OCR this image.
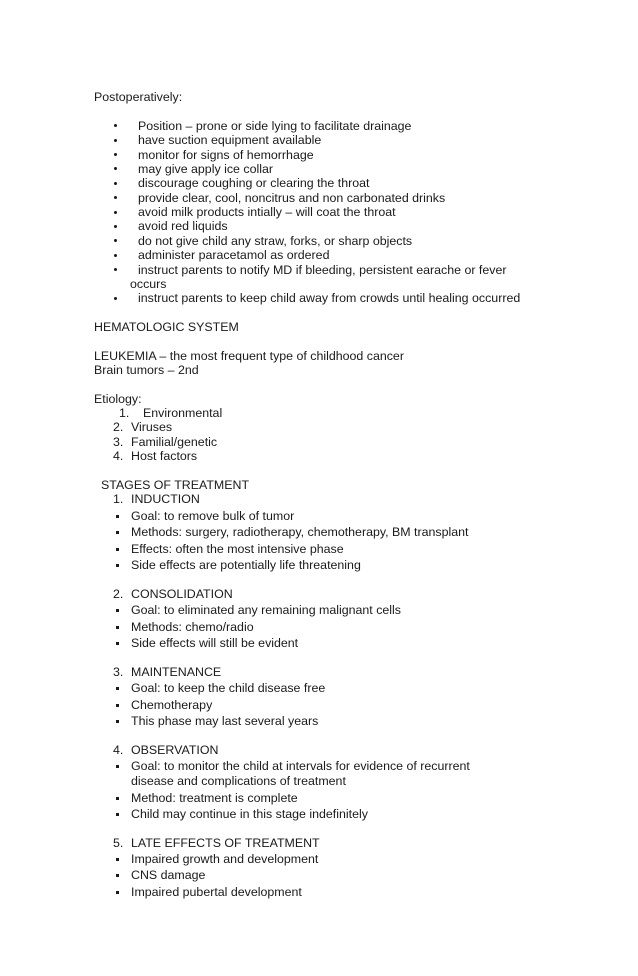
Postoperatively:
Position – prone or side lying to facilitate drainage
have suction equipment available
monitor for signs of hemorrhage
may give apply ice collar
discourage coughing or clearing the throat
provide clear, cool, noncitrus and non carbonated drinks
avoid milk products intially – will coat the throat
avoid red liquids
do not give child any straw, forks, or sharp objects
administer paracetamol as ordered
instruct parents to notify MD if bleeding, persistent earache or fever
occurs
instruct parents to keep child away from crowds until healing occurred
HEMATOLOGIC SYSTEM
LEUKEMIA – the most frequent type of childhood cancer
Brain tumors – 2nd
Etiology:
1. Environmental
2. Viruses
3. Familial/genetic
4. Host factors
STAGES OF TREATMENT
1. INDUCTION
Goal: to remove bulk of tumor
Methods: surgery, radiotherapy, chemotherapy, BM transplant
Effects: often the most intensive phase
Side effects are potentially life threatening
2. CONSOLIDATION
Goal: to eliminated any remaining malignant cells
Methods: chemo/radio
Side effects will still be evident
3. MAINTENANCE
Goal: to keep the child disease free
Chemotherapy
This phase may last several years
4. OBSERVATION
Goal: to monitor the child at intervals for evidence of recurrent
disease and complications of treatment
Method: treatment is complete
Child may continue in this stage indefinitely
5. LATE EFFECTS OF TREATMENT
Impaired growth and development
CNS damage
Impaired pubertal development
